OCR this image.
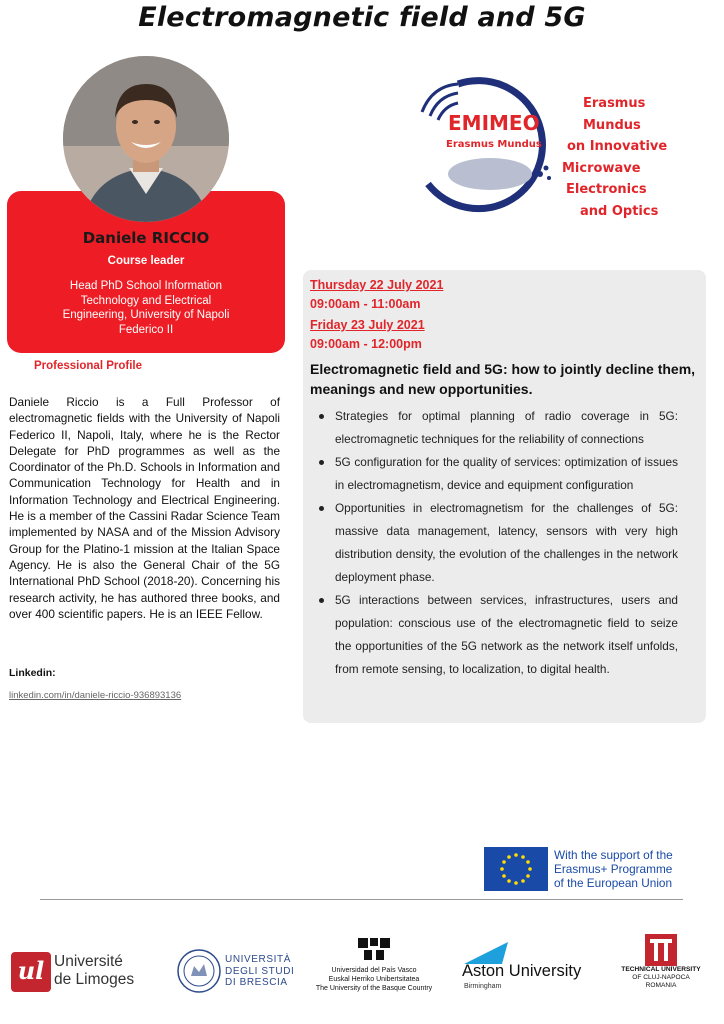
Electromagnetic field and 5G
Daniele RICCIO
Course leader
Head PhD School Information Technology and Electrical Engineering, University of Napoli Federico II
Professional Profile
Daniele Riccio is a Full Professor of electromagnetic fields with the University of Napoli Federico II, Napoli, Italy, where he is the Rector Delegate for PhD programmes as well as the Coordinator of the Ph.D. Schools in Information and Communication Technology for Health and in Information Technology and Electrical Engineering. He is a member of the Cassini Radar Science Team implemented by NASA and of the Mission Advisory Group for the Platino-1 mission at the Italian Space Agency. He is also the General Chair of the 5G International PhD School (2018-20). Concerning his research activity, he has authored three books, and over 400 scientific papers. He is an IEEE Fellow.
Linkedin:
linkedin.com/in/daniele-riccio-936893136
EMIMEO
Erasmus Mundus
Erasmus Mundus
on Innovative
Microwave
Electronics
and Optics
Thursday 22 July 2021
09:00am - 11:00am
Friday 23 July 2021
09:00am - 12:00pm
Electromagnetic field and 5G: how to jointly decline them, meanings and new opportunities.
Strategies for optimal planning of radio coverage in 5G: electromagnetic techniques for the reliability of connections
5G configuration for the quality of services: optimization of issues in electromagnetism, device and equipment configuration
Opportunities in electromagnetism for the challenges of 5G: massive data management, latency, sensors with very high distribution density, the evolution of the challenges in the network deployment phase.
5G interactions between services, infrastructures, users and population: conscious use of the electromagnetic field to seize the opportunities of the 5G network as the network itself unfolds, from remote sensing, to localization, to digital health.
With the support of the
Erasmus+ Programme
of the European Union
ul Université
de Limoges
UNIVERSITÀ
DEGLI STUDI
DI BRESCIA
Universidad del País Vasco
Euskal Herriko Unibertsitatea
The University of the Basque Country
Aston University
Birmingham
TECHNICAL UNIVERSITY
OF CLUJ-NAPOCA
ROMANIA
